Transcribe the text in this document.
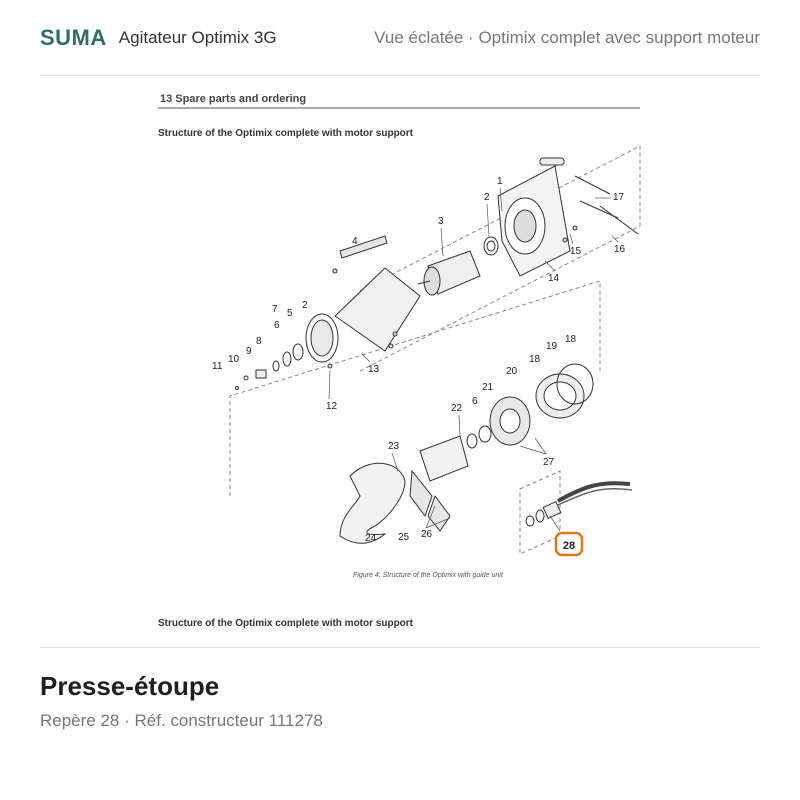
SUMA Agitateur Optimix 3G	Vue éclatée · Optimix complet avec support moteur
13 Spare parts and ordering
Structure of the Optimix complete with motor support
1
2
3
4
5
6
7
8
9
10
11
12
13
14
15	16
17
18
19
20
21
22
6
23
24 25 26
27
2
18
28
Figure 4: Structure of the Optimix with guide unit
Structure of the Optimix complete with motor support
Presse-étoupe
Repère 28 · Réf. constructeur 111278
